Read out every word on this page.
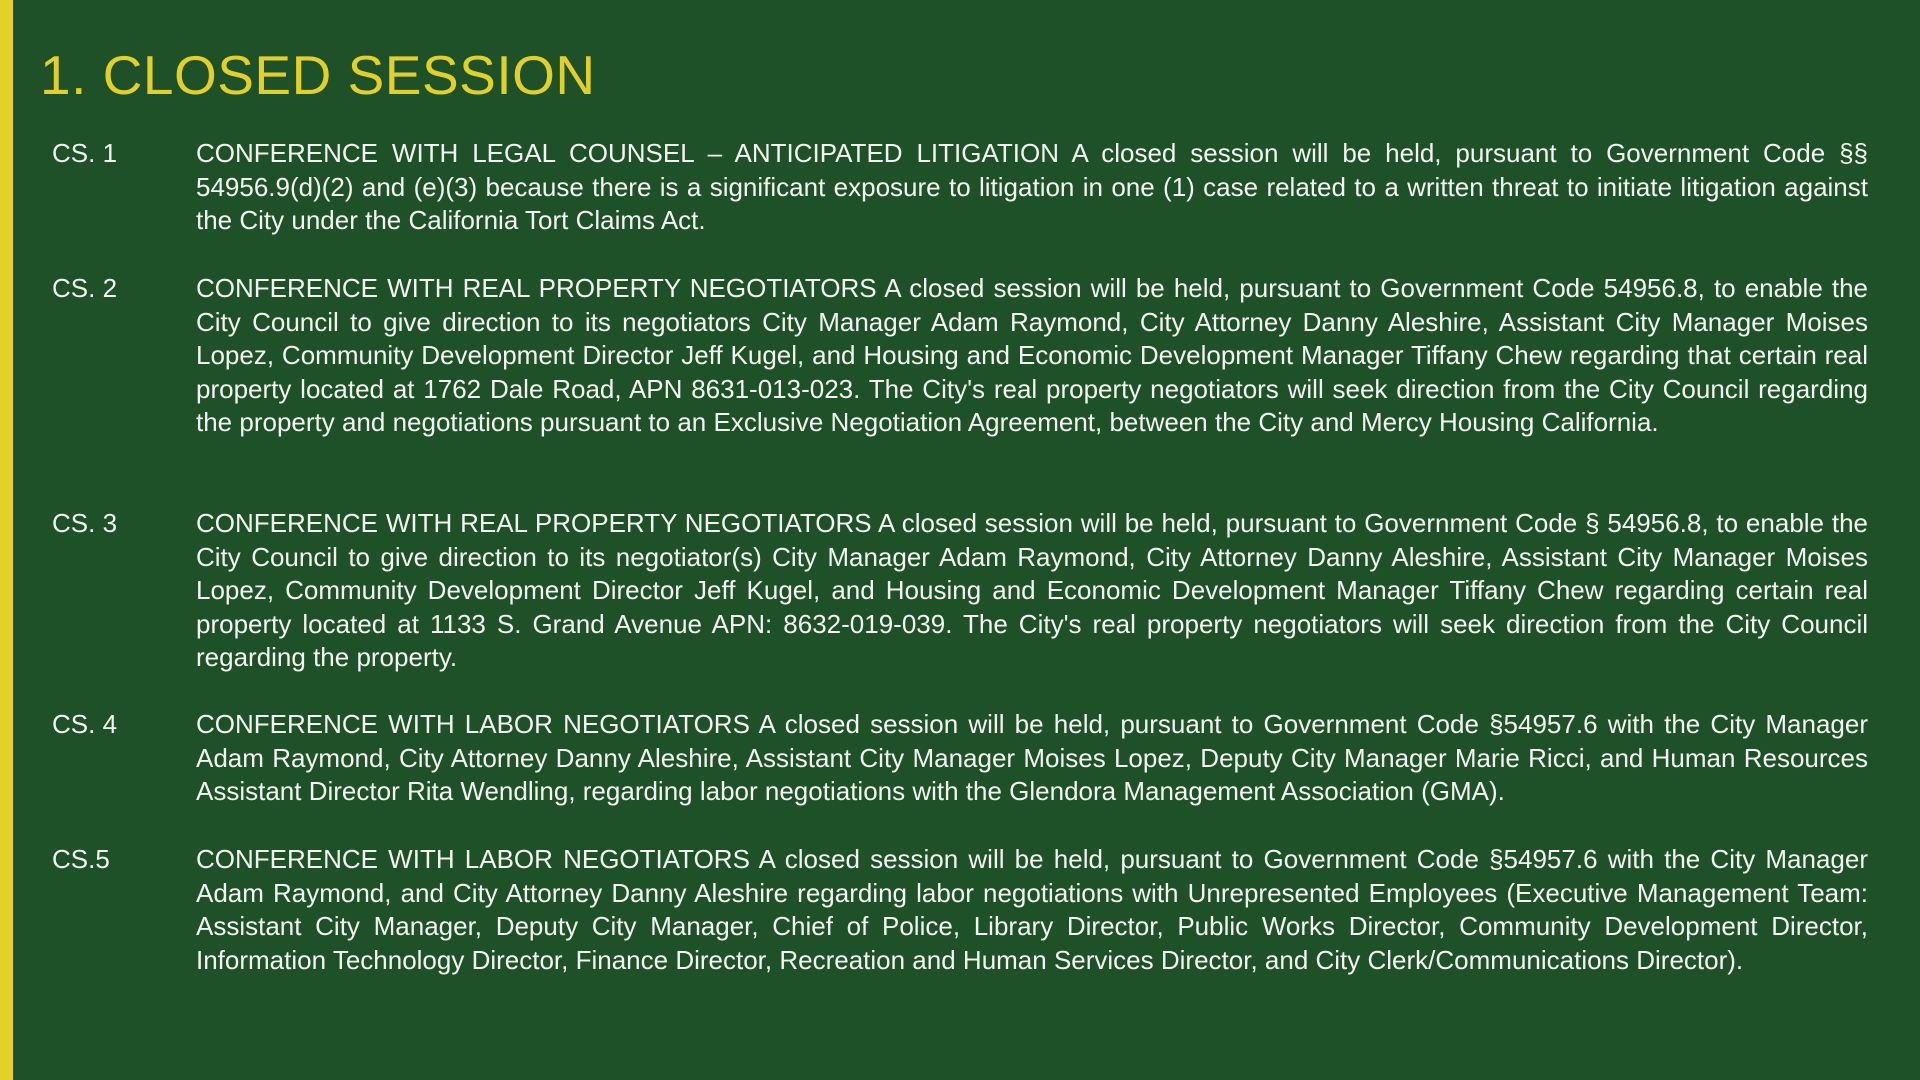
1. CLOSED SESSION
CS. 1	CONFERENCE WITH LEGAL COUNSEL – ANTICIPATED LITIGATION A closed session will be held, pursuant to Government Code §§ 54956.9(d)(2) and (e)(3) because there is a significant exposure to litigation in one (1) case related to a written threat to initiate litigation against the City under the California Tort Claims Act.

CS. 2	CONFERENCE WITH REAL PROPERTY NEGOTIATORS A closed session will be held, pursuant to Government Code 54956.8, to enable the City Council to give direction to its negotiators City Manager Adam Raymond, City Attorney Danny Aleshire, Assistant City Manager Moises Lopez, Community Development Director Jeff Kugel, and Housing and Economic Development Manager Tiffany Chew regarding that certain real property located at 1762 Dale Road, APN 8631-013-023. The City's real property negotiators will seek direction from the City Council regarding the property and negotiations pursuant to an Exclusive Negotiation Agreement, between the City and Mercy Housing California.

CS. 3	CONFERENCE WITH REAL PROPERTY NEGOTIATORS A closed session will be held, pursuant to Government Code § 54956.8, to enable the City Council to give direction to its negotiator(s) City Manager Adam Raymond, City Attorney Danny Aleshire, Assistant City Manager Moises Lopez, Community Development Director Jeff Kugel, and Housing and Economic Development Manager Tiffany Chew regarding certain real property located at 1133 S. Grand Avenue APN: 8632-019-039. The City's real property negotiators will seek direction from the City Council regarding the property.

CS. 4	CONFERENCE WITH LABOR NEGOTIATORS A closed session will be held, pursuant to Government Code §54957.6 with the City Manager Adam Raymond, City Attorney Danny Aleshire, Assistant City Manager Moises Lopez, Deputy City Manager Marie Ricci, and Human Resources Assistant Director Rita Wendling, regarding labor negotiations with the Glendora Management Association (GMA).

CS.5	CONFERENCE WITH LABOR NEGOTIATORS A closed session will be held, pursuant to Government Code §54957.6 with the City Manager Adam Raymond, and City Attorney Danny Aleshire regarding labor negotiations with Unrepresented Employees (Executive Management Team: Assistant City Manager, Deputy City Manager, Chief of Police, Library Director, Public Works Director, Community Development Director, Information Technology Director, Finance Director, Recreation and Human Services Director, and City Clerk/Communications Director).
